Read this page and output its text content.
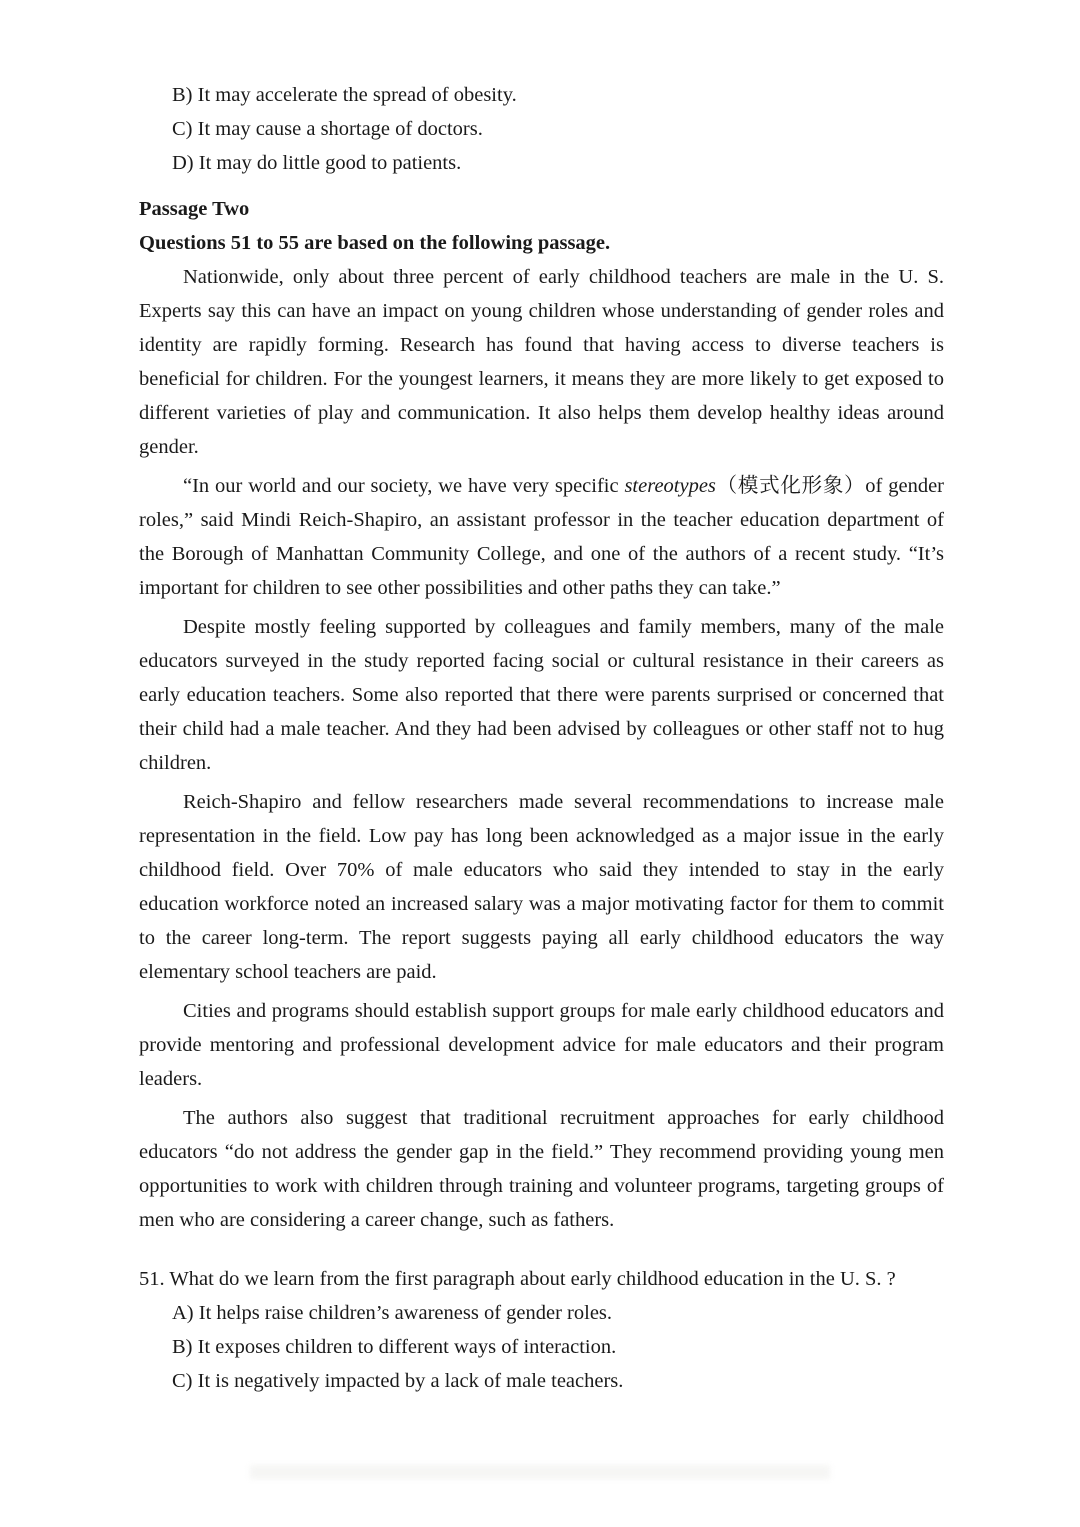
B) It may accelerate the spread of obesity.
C) It may cause a shortage of doctors.
D) It may do little good to patients.
Passage Two
Questions 51 to 55 are based on the following passage.

Nationwide, only about three percent of early childhood teachers are male in the U. S. Experts say this can have an impact on young children whose understanding of gender roles and identity are rapidly forming. Research has found that having access to diverse teachers is beneficial for children. For the youngest learners, it means they are more likely to get exposed to different varieties of play and communication. It also helps them develop healthy ideas around gender.

“In our world and our society, we have very specific stereotypes（模式化形象）of gender roles,” said Mindi Reich-Shapiro, an assistant professor in the teacher education department of the Borough of Manhattan Community College, and one of the authors of a recent study. “It’s important for children to see other possibilities and other paths they can take.”

Despite mostly feeling supported by colleagues and family members, many of the male educators surveyed in the study reported facing social or cultural resistance in their careers as early education teachers. Some also reported that there were parents surprised or concerned that their child had a male teacher. And they had been advised by colleagues or other staff not to hug children.

Reich-Shapiro and fellow researchers made several recommendations to increase male representation in the field. Low pay has long been acknowledged as a major issue in the early childhood field. Over 70% of male educators who said they intended to stay in the early education workforce noted an increased salary was a major motivating factor for them to commit to the career long-term. The report suggests paying all early childhood educators the way elementary school teachers are paid.

Cities and programs should establish support groups for male early childhood educators and provide mentoring and professional development advice for male educators and their program leaders.

The authors also suggest that traditional recruitment approaches for early childhood educators “do not address the gender gap in the field.” They recommend providing young men opportunities to work with children through training and volunteer programs, targeting groups of men who are considering a career change, such as fathers.

51. What do we learn from the first paragraph about early childhood education in the U. S. ?
A) It helps raise children’s awareness of gender roles.
B) It exposes children to different ways of interaction.
C) It is negatively impacted by a lack of male teachers.
